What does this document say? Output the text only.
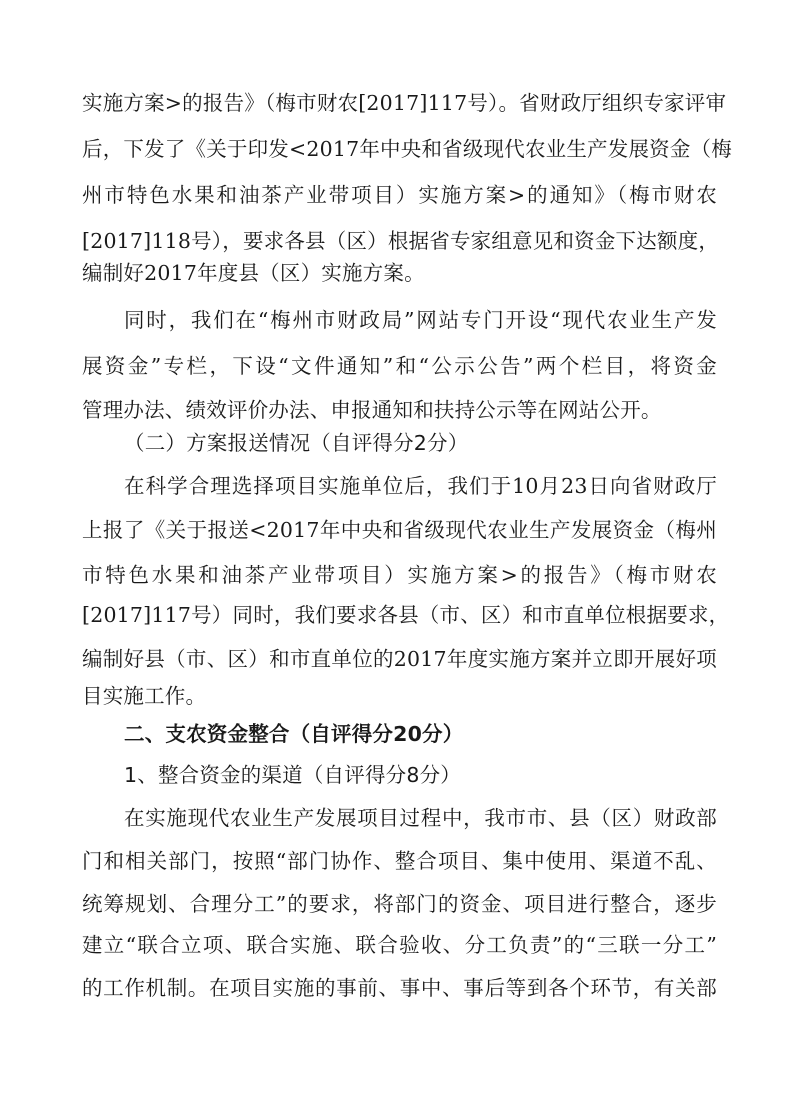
实施方案>的报告》（梅市财农[2017]117号）。省财政厅组织专家评审
后，下发了《关于印发<2017年中央和省级现代农业生产发展资金（梅
州市特色水果和油茶产业带项目）实施方案>的通知》（梅市财农
[2017]118号），要求各县（区）根据省专家组意见和资金下达额度，
编制好2017年度县（区）实施方案。
同时，我们在“梅州市财政局”网站专门开设“现代农业生产发
展资金”专栏，下设“文件通知”和“公示公告”两个栏目，将资金
管理办法、绩效评价办法、申报通知和扶持公示等在网站公开。
（二）方案报送情况（自评得分2分）
在科学合理选择项目实施单位后，我们于10月23日向省财政厅
上报了《关于报送<2017年中央和省级现代农业生产发展资金（梅州
市特色水果和油茶产业带项目）实施方案>的报告》（梅市财农
[2017]117号）同时，我们要求各县（市、区）和市直单位根据要求，
编制好县（市、区）和市直单位的2017年度实施方案并立即开展好项
目实施工作。
二、支农资金整合（自评得分20分）
1、整合资金的渠道（自评得分8分）
在实施现代农业生产发展项目过程中，我市市、县（区）财政部
门和相关部门，按照“部门协作、整合项目、集中使用、渠道不乱、
统筹规划、合理分工”的要求，将部门的资金、项目进行整合，逐步
建立“联合立项、联合实施、联合验收、分工负责”的“三联一分工”
的工作机制。在项目实施的事前、事中、事后等到各个环节，有关部
